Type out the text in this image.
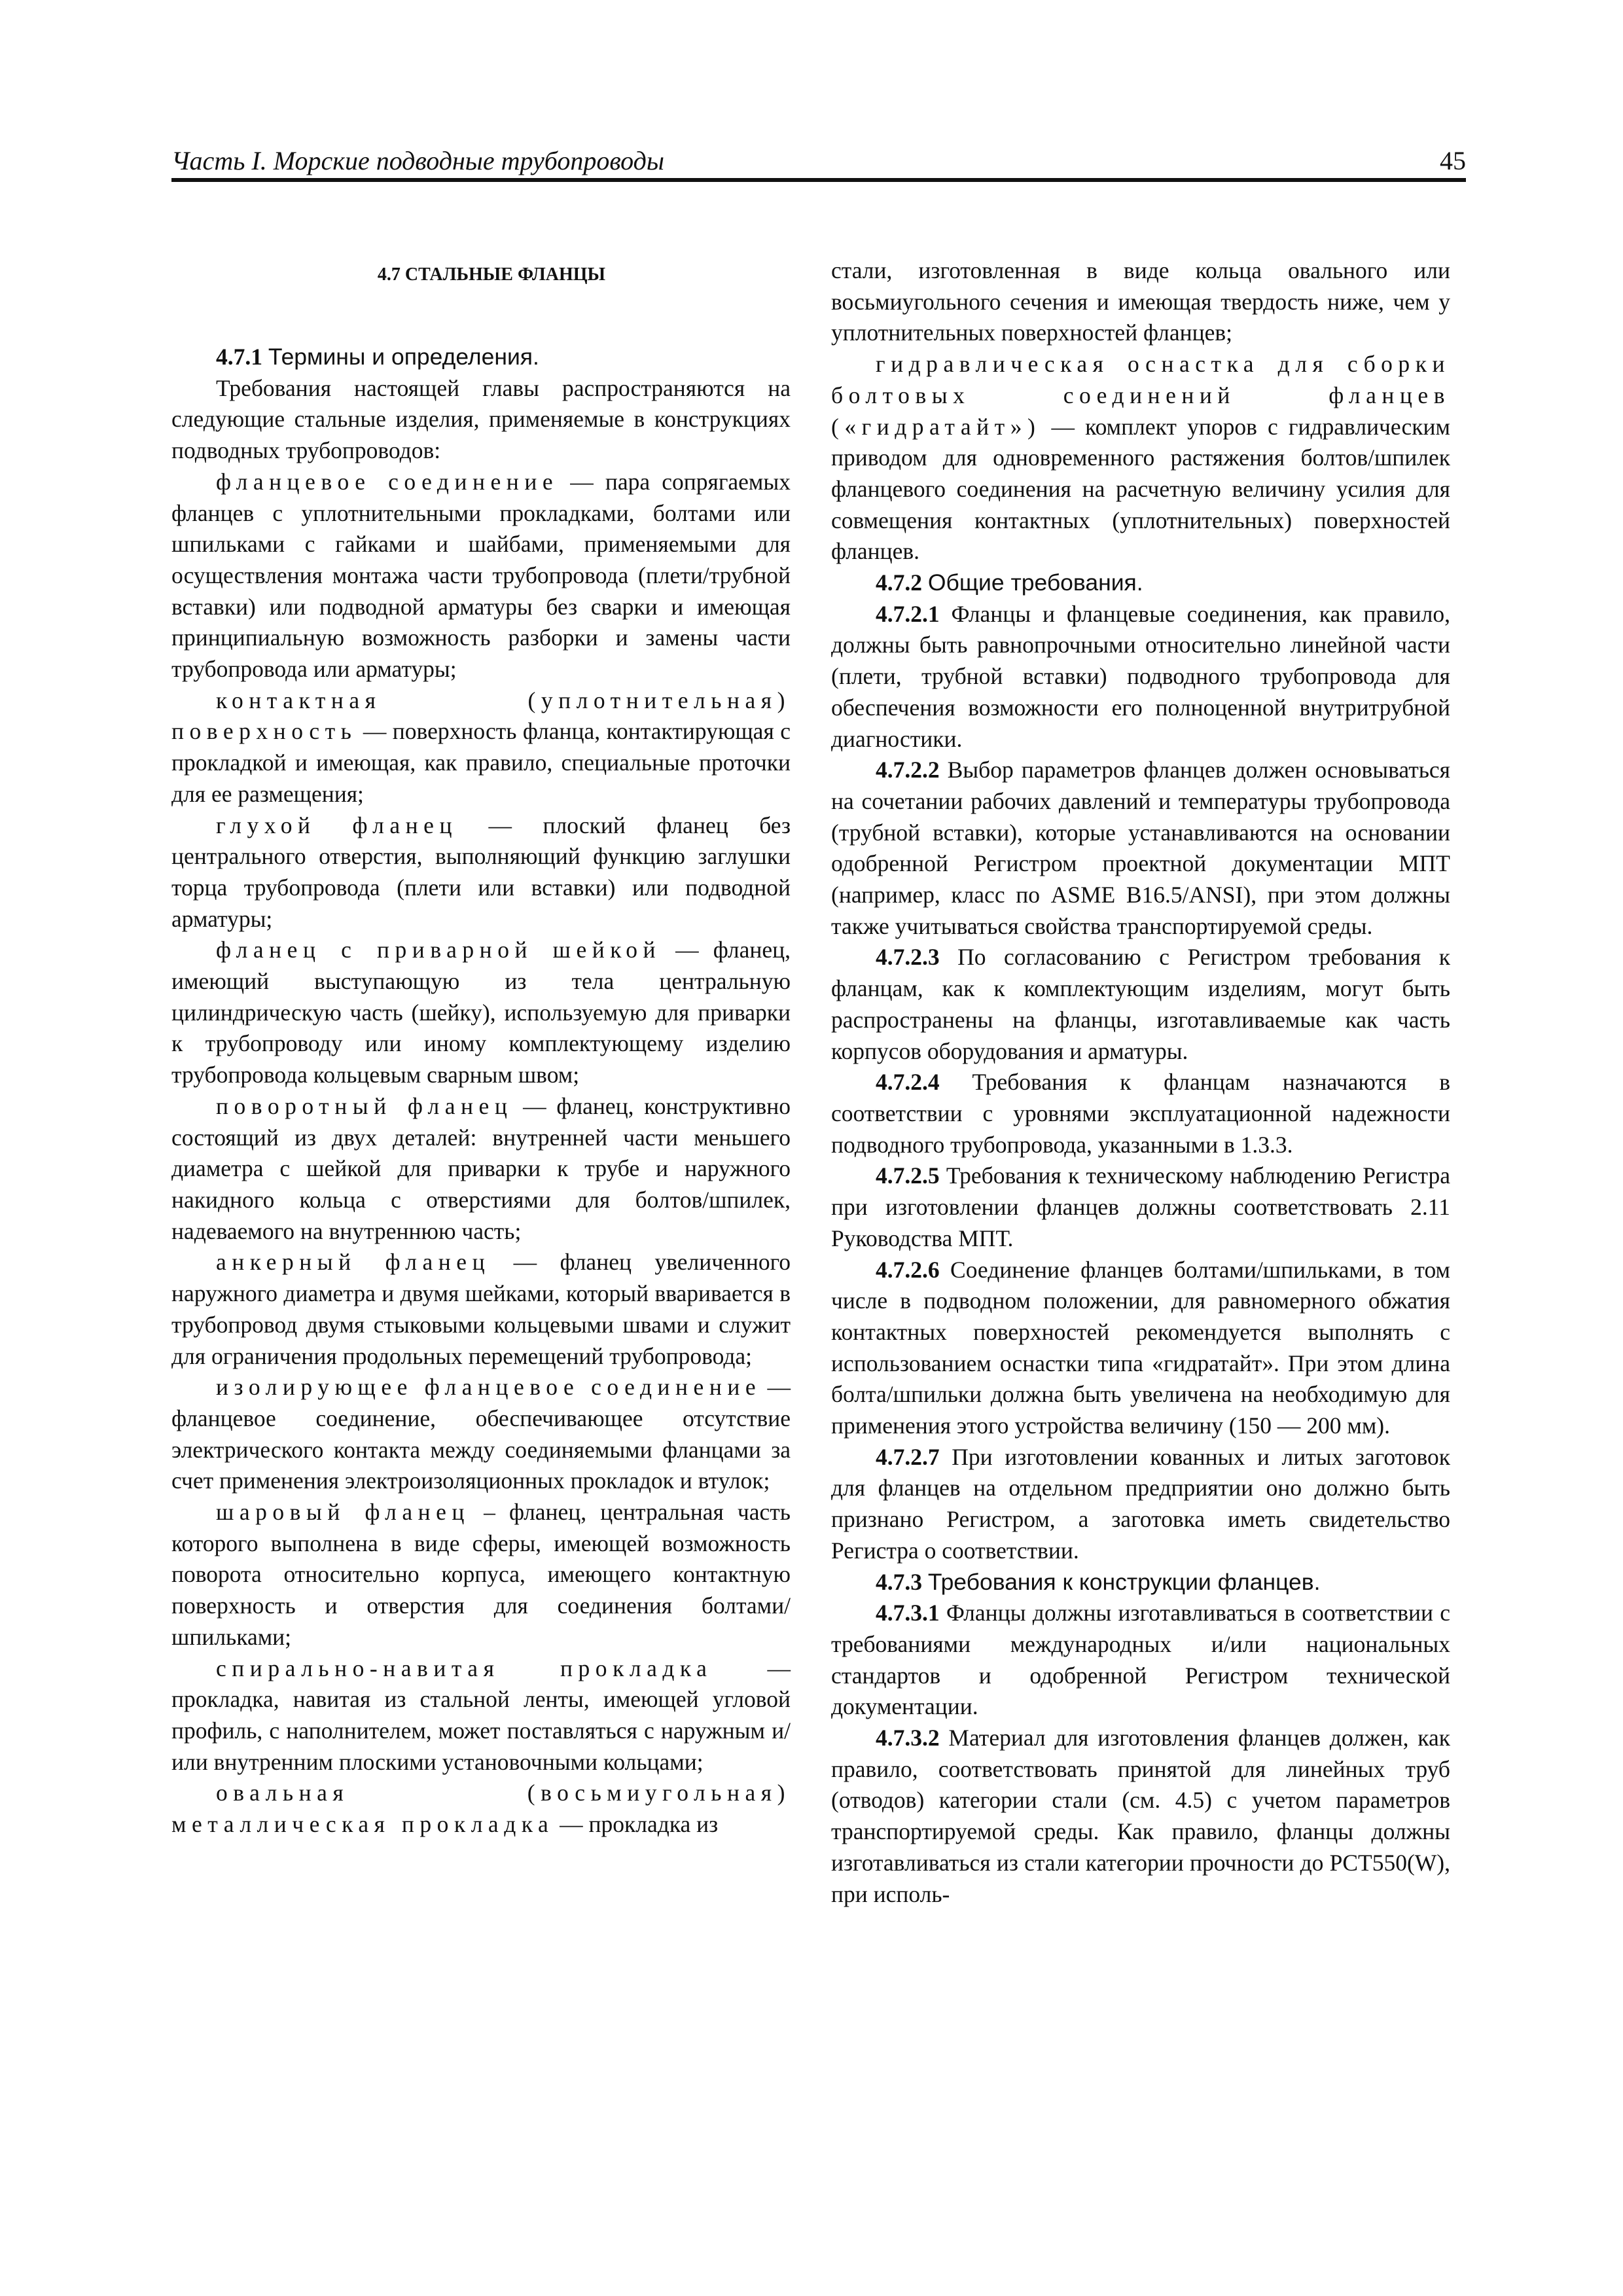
Часть I. Морские подводные трубопроводы	45
4.7 СТАЛЬНЫЕ ФЛАНЦЫ

4.7.1 Термины и определения.

Требования настоящей главы распространяются на следующие стальные изделия, применяемые в конструкциях подводных трубопроводов:

фланцевое соединение — пара сопрягаемых фланцев с уплотнительными прокладками, болтами или шпильками с гайками и шайбами, применяемыми для осуществления монтажа части трубопровода (плети/трубной вставки) или подводной арматуры без сварки и имеющая принципиальную возможность разборки и замены части трубопровода или арматуры;

контактная (уплотнительная) поверхность — поверхность фланца, контактирующая с прокладкой и имеющая, как правило, специальные проточки для ее размещения;

глухой фланец — плоский фланец без центрального отверстия, выполняющий функцию заглушки торца трубопровода (плети или вставки) или подводной арматуры;

фланец с приварной шейкой — фланец, имеющий выступающую из тела центральную цилиндрическую часть (шейку), используемую для приварки к трубопроводу или иному комплектующему изделию трубопровода кольцевым сварным швом;

поворотный фланец — фланец, конструктивно состоящий из двух деталей: внутренней части меньшего диаметра с шейкой для приварки к трубе и наружного накидного кольца с отверстиями для болтов/шпилек, надеваемого на внутреннюю часть;

анкерный фланец — фланец увеличенного наружного диаметра и двумя шейками, который вваривается в трубопровод двумя стыковыми кольцевыми швами и служит для ограничения продольных перемещений трубопровода;

изолирующее фланцевое соединение — фланцевое соединение, обеспечивающее отсутствие электрического контакта между соединяемыми фланцами за счет применения электроизоляционных прокладок и втулок;

шаровый фланец – фланец, центральная часть которого выполнена в виде сферы, имеющей возможность поворота относительно корпуса, имеющего контактную поверхность и отверстия для соединения болтами/шпильками;

спирально-навитая прокладка — прокладка, навитая из стальной ленты, имеющей угловой профиль, с наполнителем, может поставляться с наружным и/или внутренним плоскими установочными кольцами;

овальная (восьмиугольная) металлическая прокладка — прокладка из

стали, изготовленная в виде кольца овального или восьмиугольного сечения и имеющая твердость ниже, чем у уплотнительных поверхностей фланцев;

гидравлическая оснастка для сборки болтовых соединений фланцев («гидратайт») — комплект упоров с гидравлическим приводом для одновременного растяжения болтов/шпилек фланцевого соединения на расчетную величину усилия для совмещения контактных (уплотнительных) поверхностей фланцев.

4.7.2 Общие требования.

4.7.2.1 Фланцы и фланцевые соединения, как правило, должны быть равнопрочными относительно линейной части (плети, трубной вставки) подводного трубопровода для обеспечения возможности его полноценной внутритрубной диагностики.

4.7.2.2 Выбор параметров фланцев должен основываться на сочетании рабочих давлений и температуры трубопровода (трубной вставки), которые устанавливаются на основании одобренной Регистром проектной документации МПТ (например, класс по ASME B16.5/ANSI), при этом должны также учитываться свойства транспортируемой среды.

4.7.2.3 По согласованию с Регистром требования к фланцам, как к комплектующим изделиям, могут быть распространены на фланцы, изготавливаемые как часть корпусов оборудования и арматуры.

4.7.2.4 Требования к фланцам назначаются в соответствии с уровнями эксплуатационной надежности подводного трубопровода, указанными в 1.3.3.

4.7.2.5 Требования к техническому наблюдению Регистра при изготовлении фланцев должны соответствовать 2.11 Руководства МПТ.

4.7.2.6 Соединение фланцев болтами/шпильками, в том числе в подводном положении, для равномерного обжатия контактных поверхностей рекомендуется выполнять с использованием оснастки типа «гидратайт». При этом длина болта/шпильки должна быть увеличена на необходимую для применения этого устройства величину (150 — 200 мм).

4.7.2.7 При изготовлении кованных и литых заготовок для фланцев на отдельном предприятии оно должно быть признано Регистром, а заготовка иметь свидетельство Регистра о соответствии.

4.7.3 Требования к конструкции фланцев.

4.7.3.1 Фланцы должны изготавливаться в соответствии с требованиями международных и/или национальных стандартов и одобренной Регистром технической документации.

4.7.3.2 Материал для изготовления фланцев должен, как правило, соответствовать принятой для линейных труб (отводов) категории стали (см. 4.5) с учетом параметров транспортируемой среды. Как правило, фланцы должны изготавливаться из стали категории прочности до PCT550(W), при исполь-
